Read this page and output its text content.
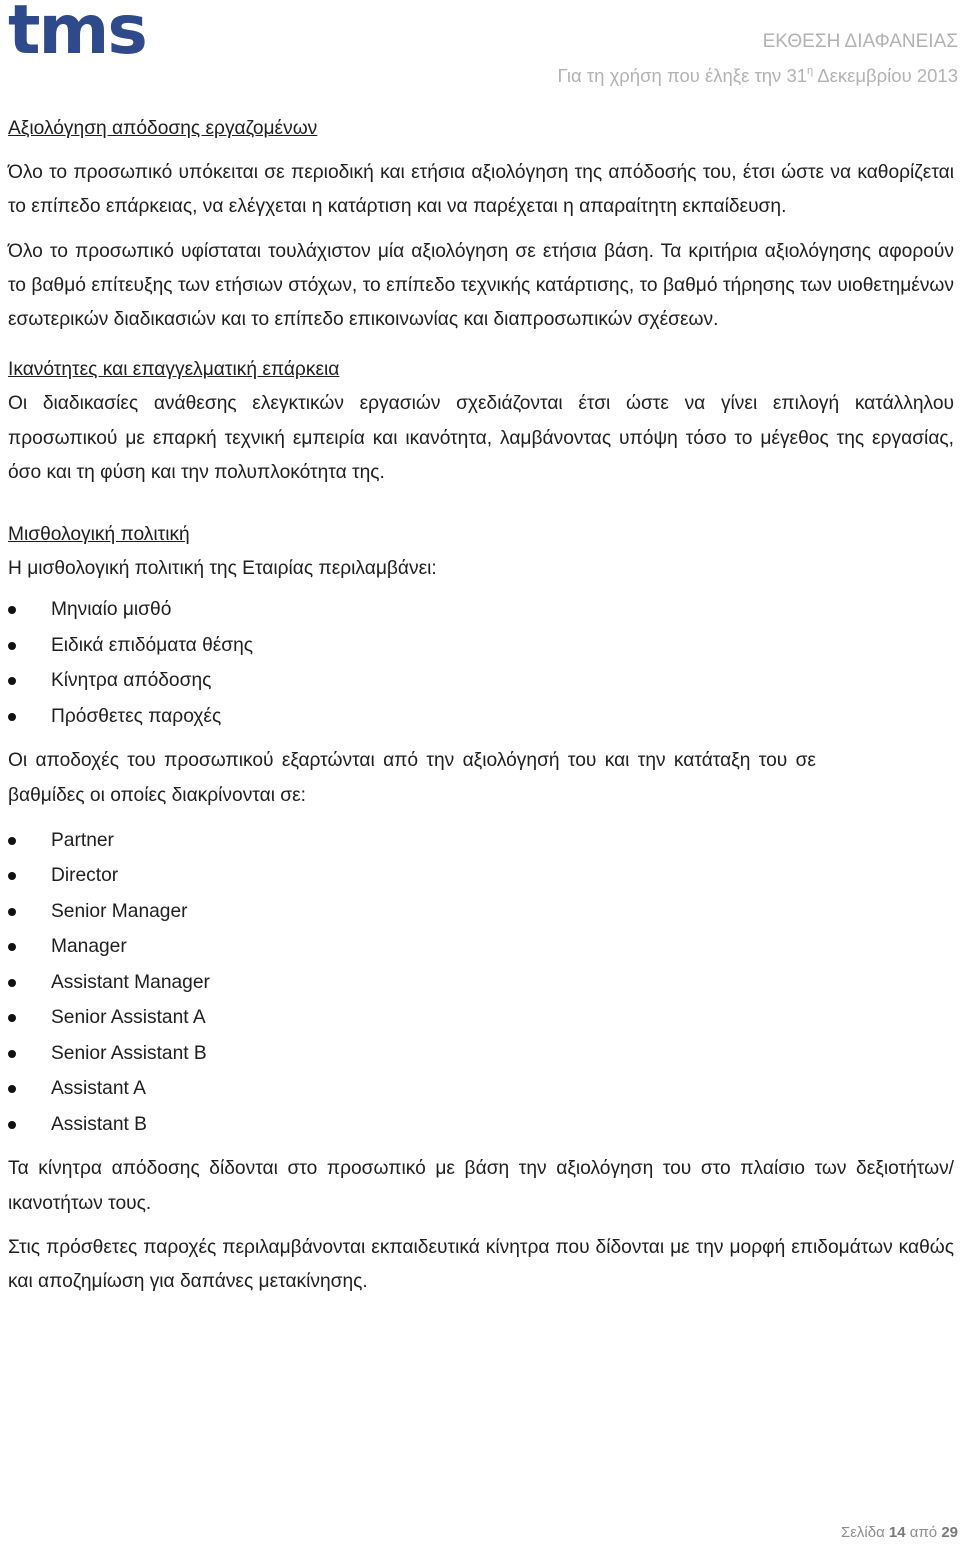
tms	ΕΚΘΕΣΗ ΔΙΑΦΑΝΕΙΑΣ
Για τη χρήση που έληξε την $31^\eta$ Δεκεμβρίου 2013
Αξιολόγηση απόδοσης εργαζομένων

Όλο το προσωπικό υπόκειται σε περιοδική και ετήσια αξιολόγηση της απόδοσής του, έτσι ώστε να καθορίζεται το επίπεδο επάρκειας, να ελέγχεται η κατάρτιση και να παρέχεται η απαραίτητη εκπαίδευση.

Όλο το προσωπικό υφίσταται τουλάχιστον μία αξιολόγηση σε ετήσια βάση. Τα κριτήρια αξιολόγησης αφορούν το βαθμό επίτευξης των ετήσιων στόχων, το επίπεδο τεχνικής κατάρτισης, το βαθμό τήρησης των υιοθετημένων εσωτερικών διαδικασιών και το επίπεδο επικοινωνίας και διαπροσωπικών σχέσεων.

Ικανότητες και επαγγελματική επάρκεια

Οι διαδικασίες ανάθεσης ελεγκτικών εργασιών σχεδιάζονται έτσι ώστε να γίνει επιλογή κατάλληλου προσωπικού με επαρκή τεχνική εμπειρία και ικανότητα, λαμβάνοντας υπόψη τόσο το μέγεθος της εργασίας, όσο και τη φύση και την πολυπλοκότητα της.

Μισθολογική πολιτική

Η μισθολογική πολιτική της Εταιρίας περιλαμβάνει:

Μηνιαίο μισθό
Ειδικά επιδόματα θέσης
Κίνητρα απόδοσης
Πρόσθετες παροχές

Οι αποδοχές του προσωπικού εξαρτώνται από την αξιολόγησή του και την κατάταξη του σε
βαθμίδες οι οποίες διακρίνονται σε:

Partner
Director
Senior Manager
Manager
Assistant Manager
Senior Assistant A
Senior Assistant B
Assistant A
Assistant B

Τα κίνητρα απόδοσης δίδονται στο προσωπικό με βάση την αξιολόγηση του στο πλαίσιο των δεξιοτήτων/ικανοτήτων τους.

Στις πρόσθετες παροχές περιλαμβάνονται εκπαιδευτικά κίνητρα που δίδονται με την μορφή επιδομάτων καθώς και αποζημίωση για δαπάνες μετακίνησης.

Σελίδα 14 από 29
